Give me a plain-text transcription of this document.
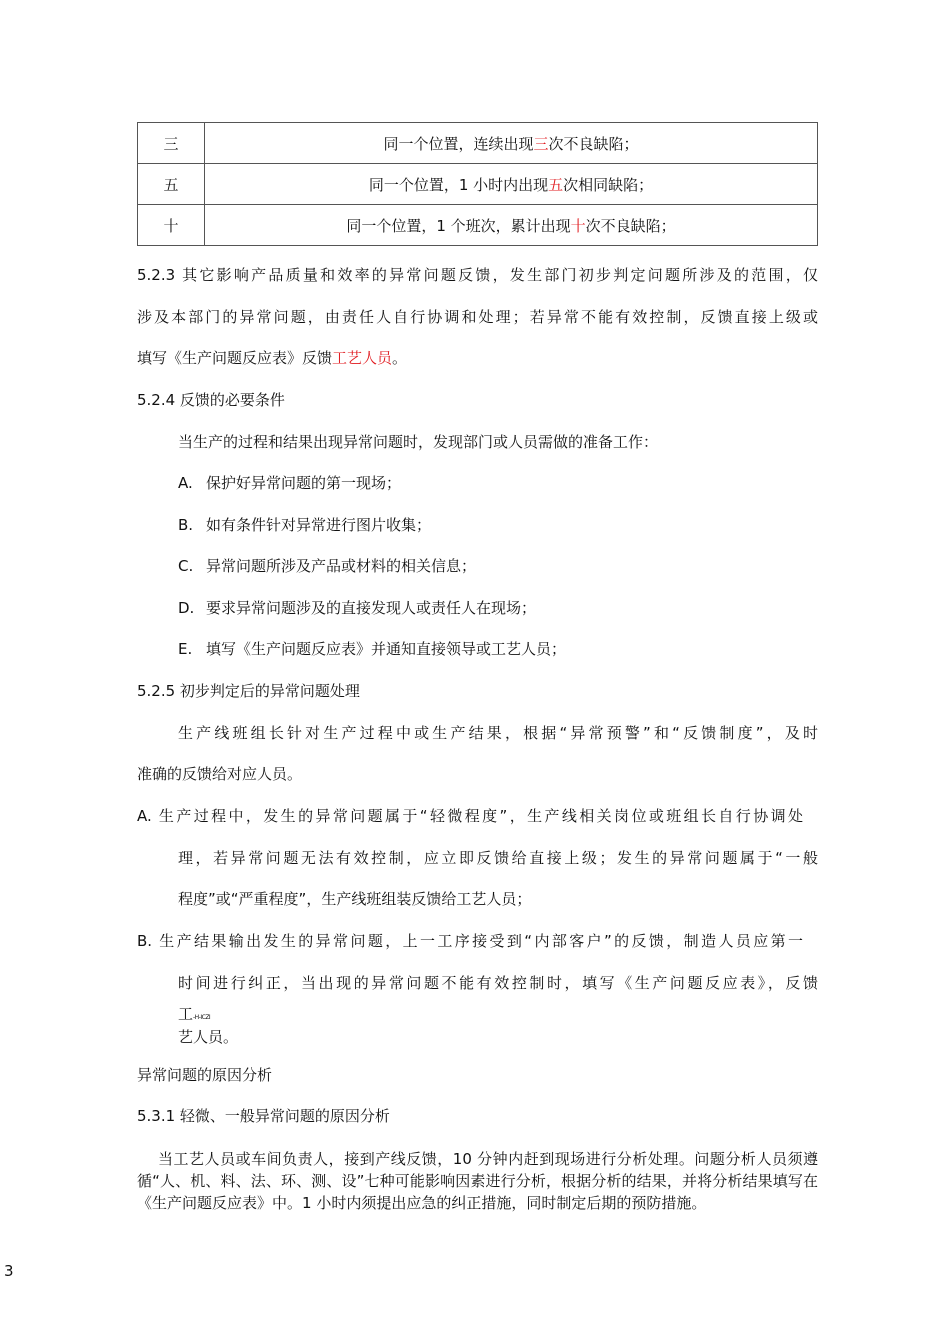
三	同一个位置，连续出现三次不良缺陷；
五	同一个位置，1 小时内出现五次相同缺陷；
十	同一个位置，1 个班次，累计出现十次不良缺陷；
5.2.3 其它影响产品质量和效率的异常问题反馈，发生部门初步判定问题所涉及的范围，仅
涉及本部门的异常问题，由责任人自行协调和处理；若异常不能有效控制，反馈直接上级或
填写《生产问题反应表》反馈工艺人员。
5.2.4 反馈的必要条件
当生产的过程和结果出现异常问题时，发现部门或人员需做的准备工作：
A. 保护好异常问题的第一现场；
B. 如有条件针对异常进行图片收集；
C. 异常问题所涉及产品或材料的相关信息；
D. 要求异常问题涉及的直接发现人或责任人在现场；
E. 填写《生产问题反应表》并通知直接领导或工艺人员；
5.2.5 初步判定后的异常问题处理
生产线班组长针对生产过程中或生产结果，根据“异常预警”和“反馈制度”，及时
准确的反馈给对应人员。
A. 生产过程中，发生的异常问题属于“轻微程度”，生产线相关岗位或班组长自行协调处
理，若异常问题无法有效控制，应立即反馈给直接上级；发生的异常问题属于“一般
程度”或“严重程度”，生产线班组装反馈给工艺人员；
B. 生产结果输出发生的异常问题，上一工序接受到“内部客户”的反馈，制造人员应第一
时间进行纠正，当出现的异常问题不能有效控制时，填写《生产问题反应表》，反馈
工-H-ICZI
艺人员。
异常问题的原因分析
5.3.1 轻微、一般异常问题的原因分析
当工艺人员或车间负责人，接到产线反馈，10 分钟内赶到现场进行分析处理。问题分析人员须遵循“人、机、料、法、环、测、设”七种可能影响因素进行分析，根据分析的结果，并将分析结果填写在《生产问题反应表》中。1 小时内须提出应急的纠正措施，同时制定后期的预防措施。
3
